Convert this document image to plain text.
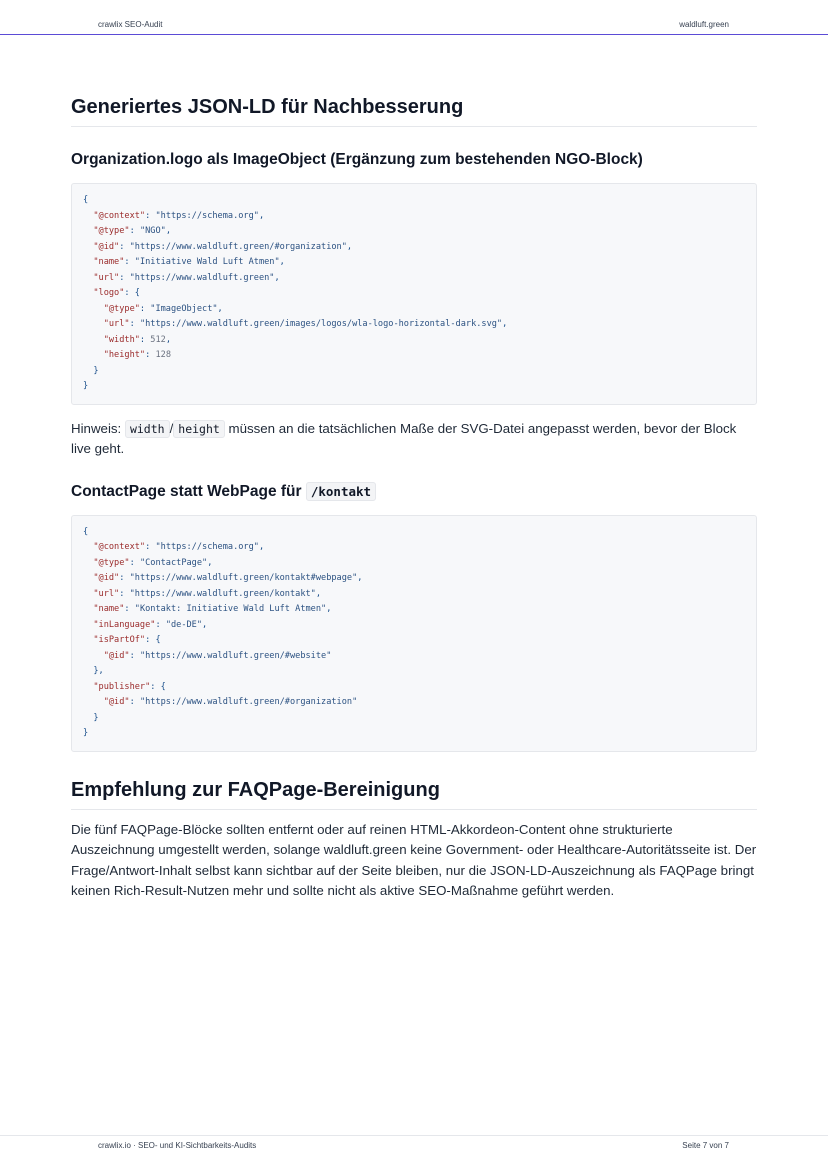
crawlix SEO-Audit	waldluft.green
Generiertes JSON-LD für Nachbesserung
Organization.logo als ImageObject (Ergänzung zum bestehenden NGO-Block)
{
"@context": "https://schema.org",
"@type": "NGO",
"@id": "https://www.waldluft.green/#organization",
"name": "Initiative Wald Luft Atmen",
"url": "https://www.waldluft.green",
"logo": {
"@type": "ImageObject",
"url": "https://www.waldluft.green/images/logos/wla-logo-horizontal-dark.svg",
"width": 512,
"height": 128
}
}

Hinweis: width / height müssen an die tatsächlichen Maße der SVG-Datei angepasst werden, bevor der Block live geht.

ContactPage statt WebPage für /kontakt
{
"@context": "https://schema.org",
"@type": "ContactPage",
"@id": "https://www.waldluft.green/kontakt#webpage",
"url": "https://www.waldluft.green/kontakt",
"name": "Kontakt: Initiative Wald Luft Atmen",
"inLanguage": "de-DE",
"isPartOf": {
"@id": "https://www.waldluft.green/#website"
},
"publisher": {
"@id": "https://www.waldluft.green/#organization"
}
}
Empfehlung zur FAQPage-Bereinigung

Die fünf FAQPage-Blöcke sollten entfernt oder auf reinen HTML-Akkordeon-Content ohne strukturierte Auszeichnung umgestellt werden, solange waldluft.green keine Government- oder Healthcare-Autoritätsseite ist. Der Frage/Antwort-Inhalt selbst kann sichtbar auf der Seite bleiben, nur die JSON-LD-Auszeichnung als FAQPage bringt keinen Rich-Result-Nutzen mehr und sollte nicht als aktive SEO-Maßnahme geführt werden.

crawlix.io · SEO- und KI-Sichtbarkeits-Audits	Seite 7 von 7
